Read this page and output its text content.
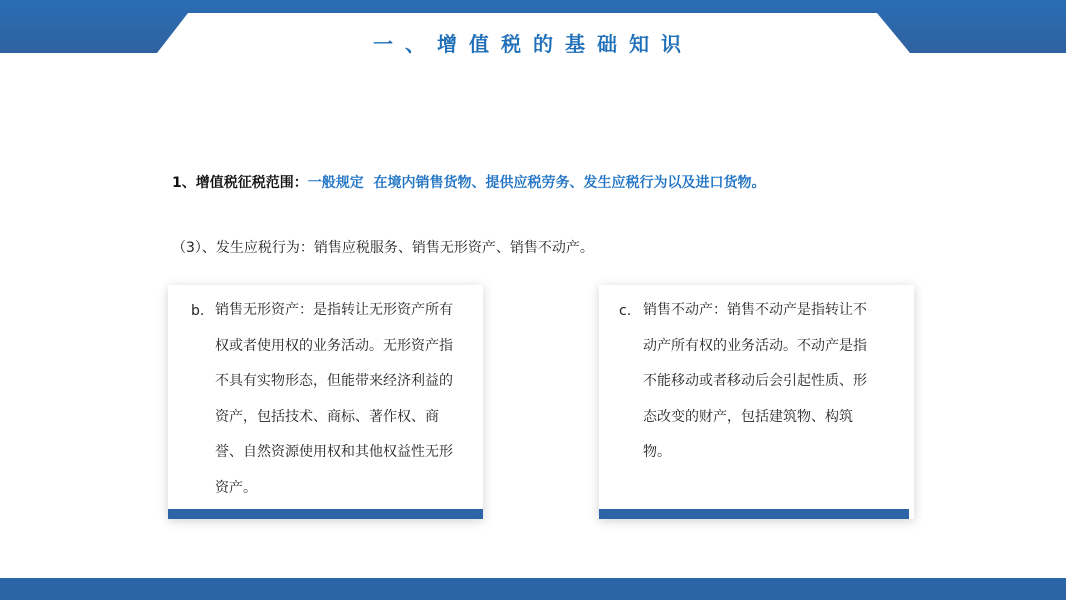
一、增值税的基础知识
1、增值税征税范围：一般规定  在境内销售货物、提供应税劳务、发生应税行为以及进口货物。
（3）、发生应税行为：销售应税服务、销售无形资产、销售不动产。
b. 销售无形资产：是指转让无形资产所有权或者使用权的业务活动。无形资产指不具有实物形态，但能带来经济利益的资产，包括技术、商标、著作权、商誉、自然资源使用权和其他权益性无形资产。
c. 销售不动产：销售不动产是指转让不动产所有权的业务活动。不动产是指不能移动或者移动后会引起性质、形态改变的财产，包括建筑物、构筑物。
